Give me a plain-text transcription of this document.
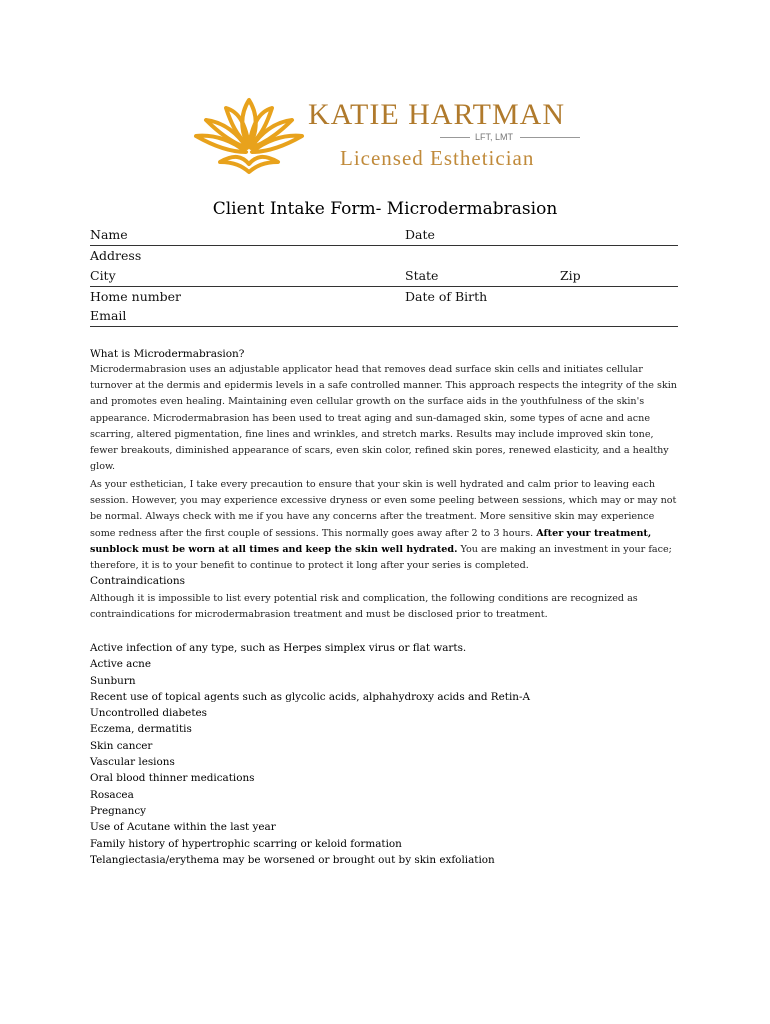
KATIE HARTMAN
LFT, LMT
Licensed Esthetician
Client Intake Form- Microdermabrasion
Name	Date
Address
City	State	Zip
Home number	Date of Birth
Email
What is Microdermabrasion?
Microdermabrasion uses an adjustable applicator head that removes dead surface skin cells and initiates cellular turnover at the dermis and epidermis levels in a safe controlled manner. This approach respects the integrity of the skin and promotes even healing. Maintaining even cellular growth on the surface aids in the youthfulness of the skin's appearance. Microdermabrasion has been used to treat aging and sun-damaged skin, some types of acne and acne scarring, altered pigmentation, fine lines and wrinkles, and stretch marks. Results may include improved skin tone, fewer breakouts, diminished appearance of scars, even skin color, refined skin pores, renewed elasticity, and a healthy glow.
As your esthetician, I take every precaution to ensure that your skin is well hydrated and calm prior to leaving each session. However, you may experience excessive dryness or even some peeling between sessions, which may or may not be normal. Always check with me if you have any concerns after the treatment. More sensitive skin may experience some redness after the first couple of sessions. This normally goes away after 2 to 3 hours. After your treatment, sunblock must be worn at all times and keep the skin well hydrated. You are making an investment in your face; therefore, it is to your benefit to continue to protect it long after your series is completed.
Contraindications
Although it is impossible to list every potential risk and complication, the following conditions are recognized as contraindications for microdermabrasion treatment and must be disclosed prior to treatment.
Active infection of any type, such as Herpes simplex virus or flat warts.
Active acne
Sunburn
Recent use of topical agents such as glycolic acids, alphahydroxy acids and Retin-A
Uncontrolled diabetes
Eczema, dermatitis
Skin cancer
Vascular lesions
Oral blood thinner medications
Rosacea
Pregnancy
Use of Acutane within the last year
Family history of hypertrophic scarring or keloid formation
Telangiectasia/erythema may be worsened or brought out by skin exfoliation
